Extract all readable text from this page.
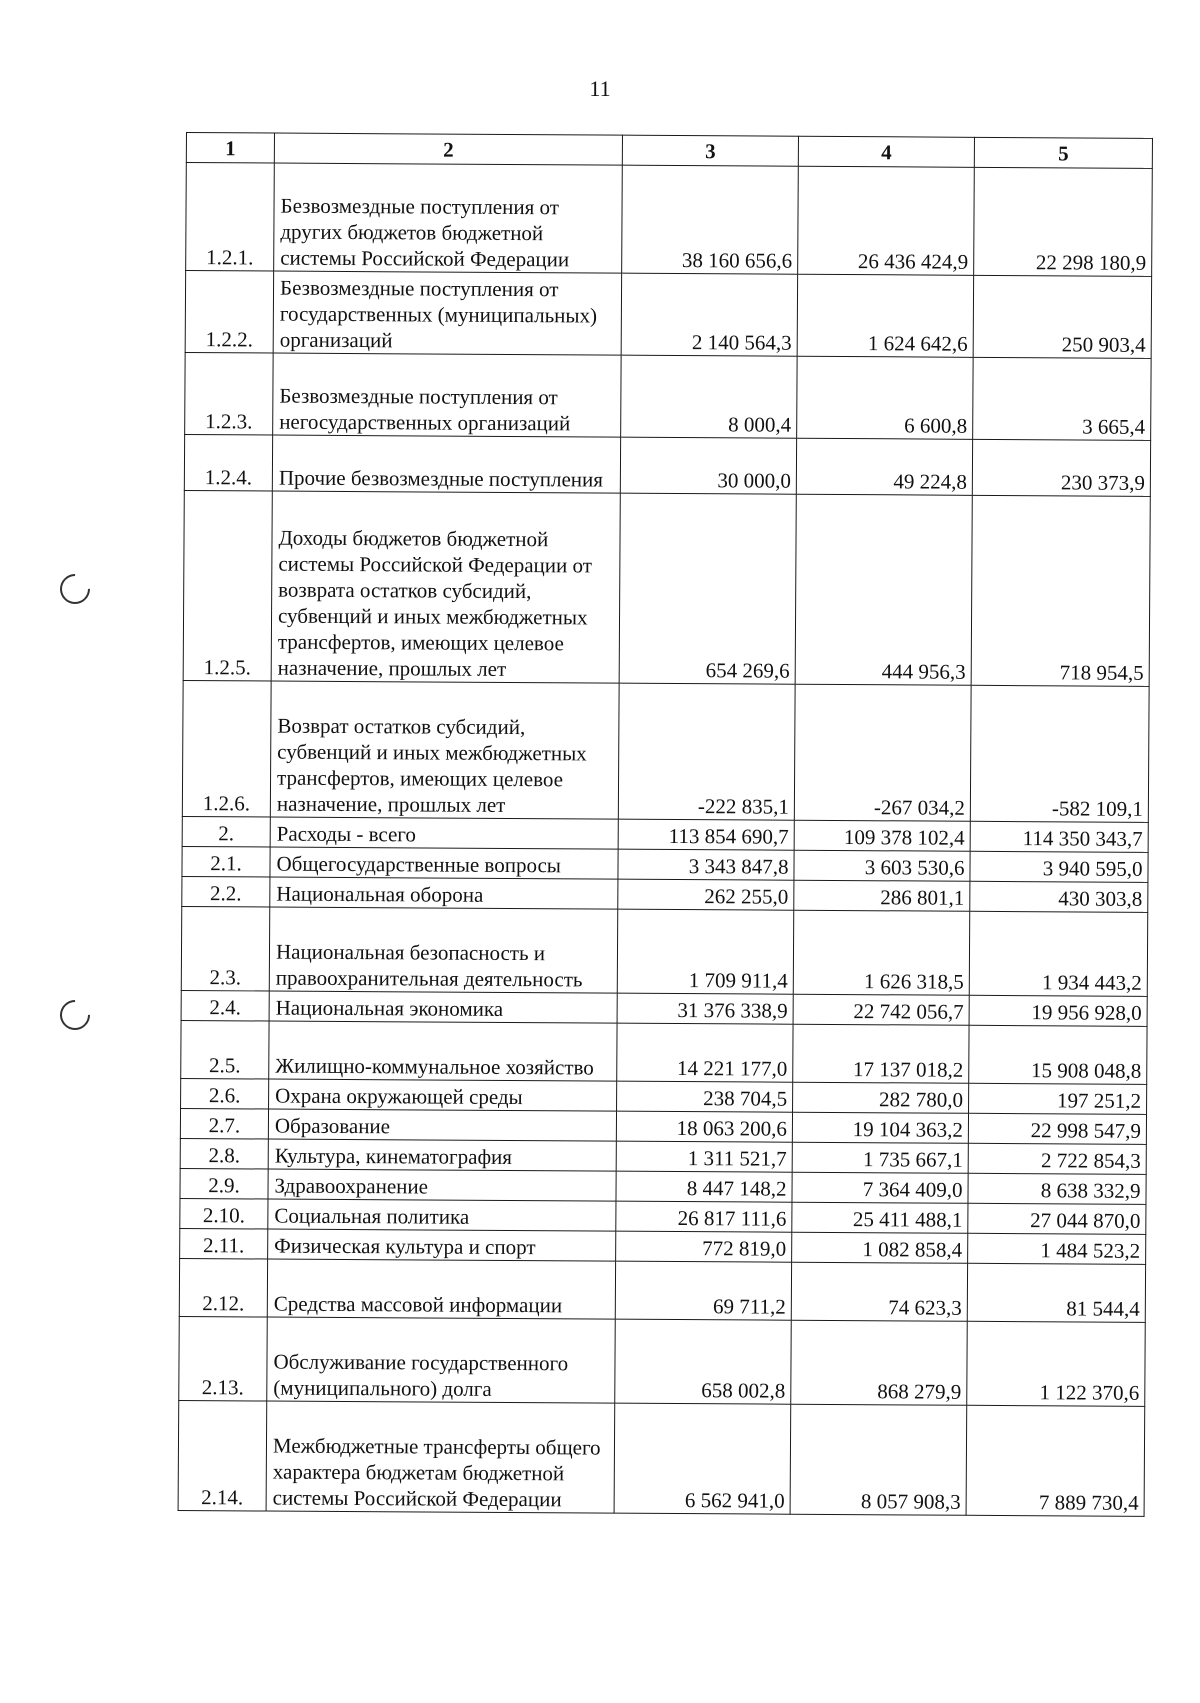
11
1	2	3	4	5
1.2.1.	Безвозмездные поступления от других бюджетов бюджетной системы Российской Федерации	38 160 656,6	26 436 424,9	22 298 180,9
1.2.2.	Безвозмездные поступления от государственных (муниципальных) организаций	2 140 564,3	1 624 642,6	250 903,4
1.2.3.	Безвозмездные поступления от негосударственных организаций	8 000,4	6 600,8	3 665,4
1.2.4.	Прочие безвозмездные поступления	30 000,0	49 224,8	230 373,9
1.2.5.	Доходы бюджетов бюджетной системы Российской Федерации от возврата остатков субсидий, субвенций и иных межбюджетных трансфертов, имеющих целевое назначение, прошлых лет	654 269,6	444 956,3	718 954,5
1.2.6.	Возврат остатков субсидий, субвенций и иных межбюджетных трансфертов, имеющих целевое назначение, прошлых лет	-222 835,1	-267 034,2	-582 109,1
2.	Расходы - всего	113 854 690,7	109 378 102,4	114 350 343,7
2.1.	Общегосударственные вопросы	3 343 847,8	3 603 530,6	3 940 595,0
2.2.	Национальная оборона	262 255,0	286 801,1	430 303,8
2.3.	Национальная безопасность и правоохранительная деятельность	1 709 911,4	1 626 318,5	1 934 443,2
2.4.	Национальная экономика	31 376 338,9	22 742 056,7	19 956 928,0
2.5.	Жилищно-коммунальное хозяйство	14 221 177,0	17 137 018,2	15 908 048,8
2.6.	Охрана окружающей среды	238 704,5	282 780,0	197 251,2
2.7.	Образование	18 063 200,6	19 104 363,2	22 998 547,9
2.8.	Культура, кинематография	1 311 521,7	1 735 667,1	2 722 854,3
2.9.	Здравоохранение	8 447 148,2	7 364 409,0	8 638 332,9
2.10.	Социальная политика	26 817 111,6	25 411 488,1	27 044 870,0
2.11.	Физическая культура и спорт	772 819,0	1 082 858,4	1 484 523,2
2.12.	Средства массовой информации	69 711,2	74 623,3	81 544,4
2.13.	Обслуживание государственного (муниципального) долга	658 002,8	868 279,9	1 122 370,6
2.14.	Межбюджетные трансферты общего характера бюджетам бюджетной системы Российской Федерации	6 562 941,0	8 057 908,3	7 889 730,4
